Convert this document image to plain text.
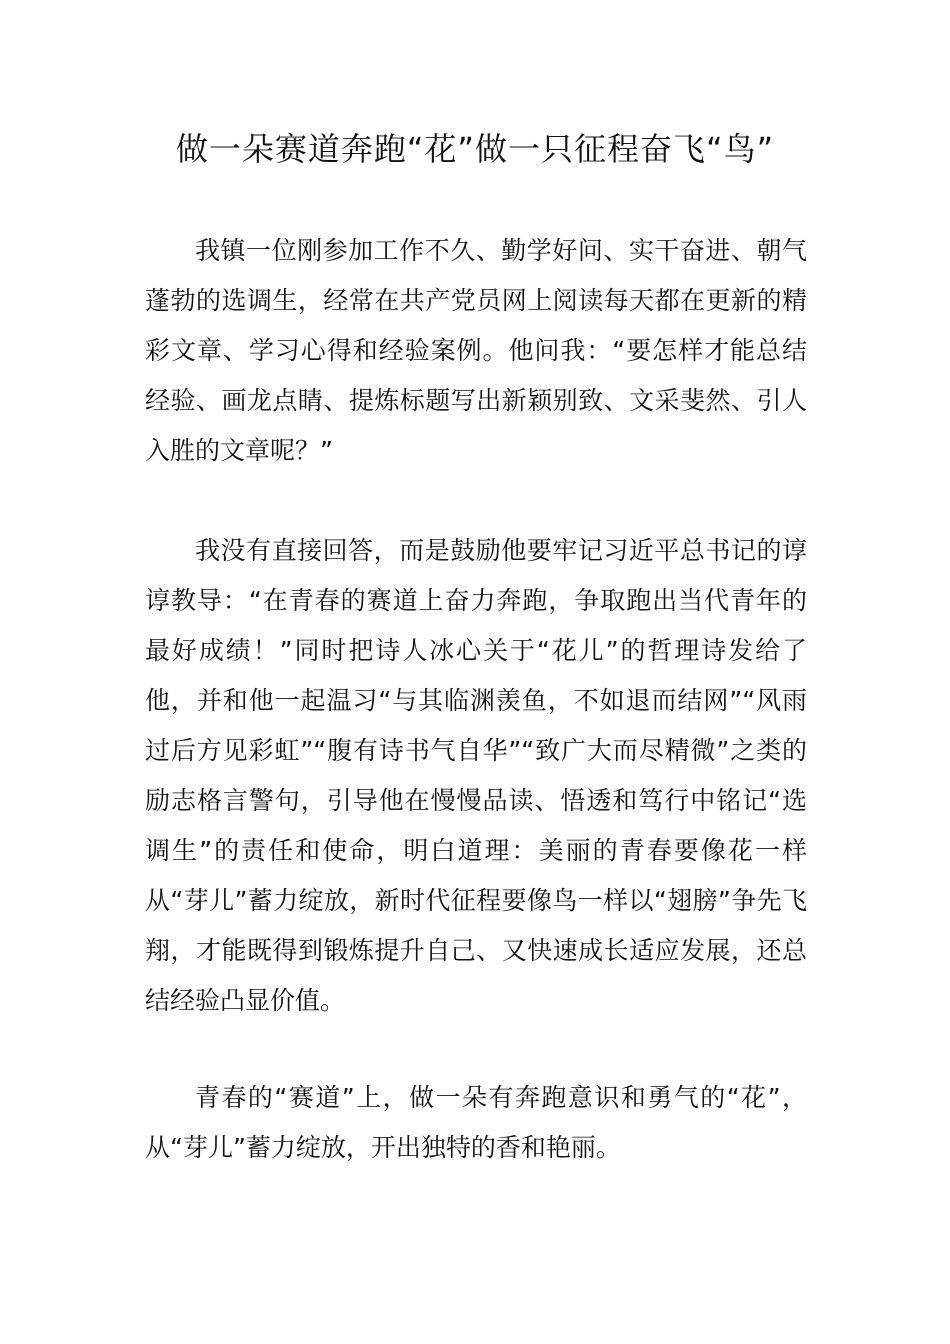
做一朵赛道奔跑“花”做一只征程奋飞“鸟”

我镇一位刚参加工作不久、勤学好问、实干奋进、朝气蓬勃的选调生，经常在共产党员网上阅读每天都在更新的精彩文章、学习心得和经验案例。他问我：“要怎样才能总结经验、画龙点睛、提炼标题写出新颖别致、文采斐然、引人入胜的文章呢？”

我没有直接回答，而是鼓励他要牢记习近平总书记的谆谆教导：“在青春的赛道上奋力奔跑，争取跑出当代青年的最好成绩！”同时把诗人冰心关于“花儿”的哲理诗发给了他，并和他一起温习“与其临渊羡鱼，不如退而结网”“风雨过后方见彩虹”“腹有诗书气自华”“致广大而尽精微”之类的励志格言警句，引导他在慢慢品读、悟透和笃行中铭记“选调生”的责任和使命，明白道理：美丽的青春要像花一样从“芽儿”蓄力绽放，新时代征程要像鸟一样以“翅膀”争先飞翔，才能既得到锻炼提升自己、又快速成长适应发展，还总结经验凸显价值。

青春的“赛道”上，做一朵有奔跑意识和勇气的“花”，从“芽儿”蓄力绽放，开出独特的香和艳丽。
